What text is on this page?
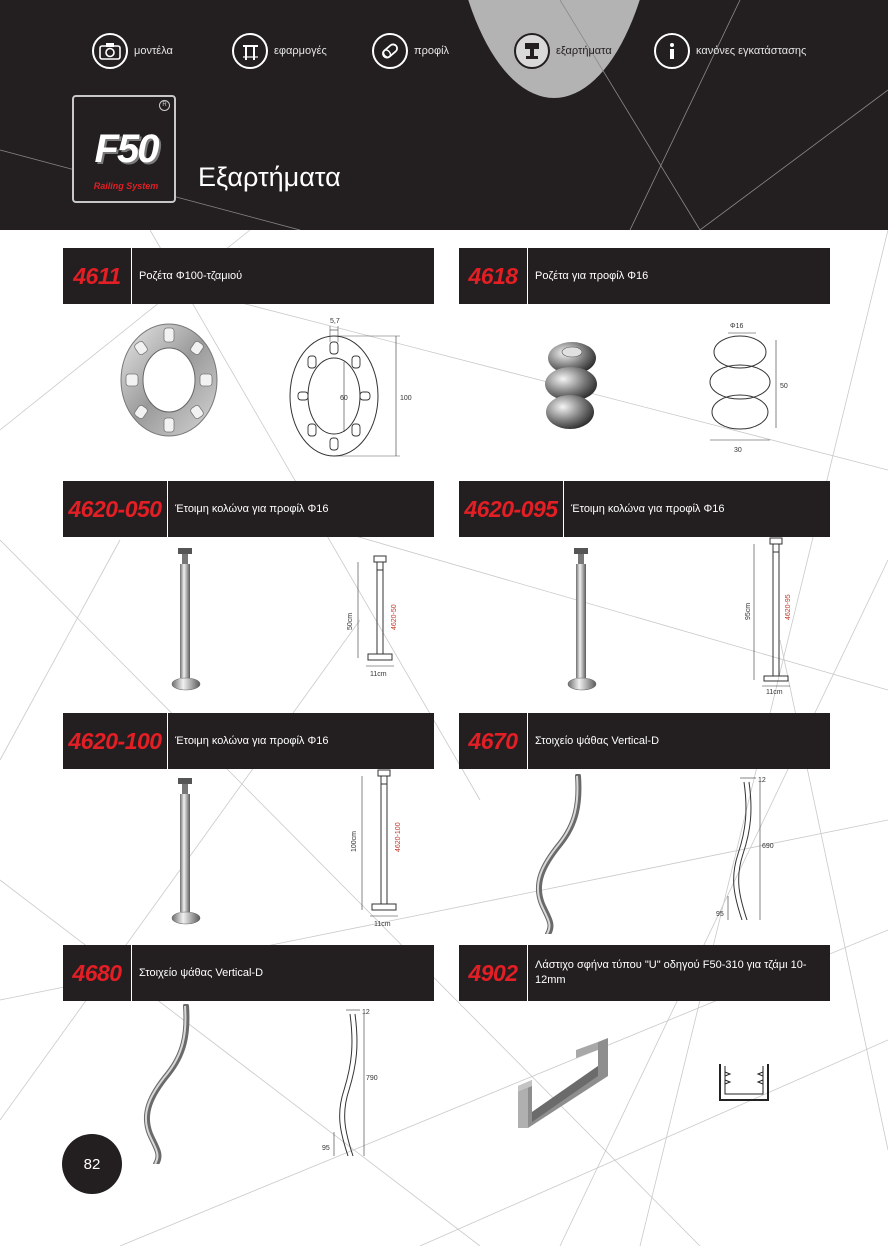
μοντέλα	εφαρμογές	προφίλ	εξαρτήματα	κανόνες εγκατάστασης
R
F50
Railing System	Εξαρτήματα
4611	Ροζέτα Φ100-τζαμιού	4618	Ροζέτα για προφίλ Φ16
4620-050	Έτοιμη κολώνα για προφίλ Φ16	4620-095	Έτοιμη κολώνα για προφίλ Φ16
4620-100	Έτοιμη κολώνα για προφίλ Φ16	4670	Στοιχείο ψάθας Vertical-D
4680	Στοιχείο ψάθας Vertical-D	4902	Λάστιχο σφήνα τύπου "U" οδηγού F50-310 για τζάμι 10-12mm
5,7
60	100
Φ16
50
30
50cm	4620-50
11cm
95cm	4620-95
11cm
100cm	4620-100
11cm
12
690
95
12
790
95
82
